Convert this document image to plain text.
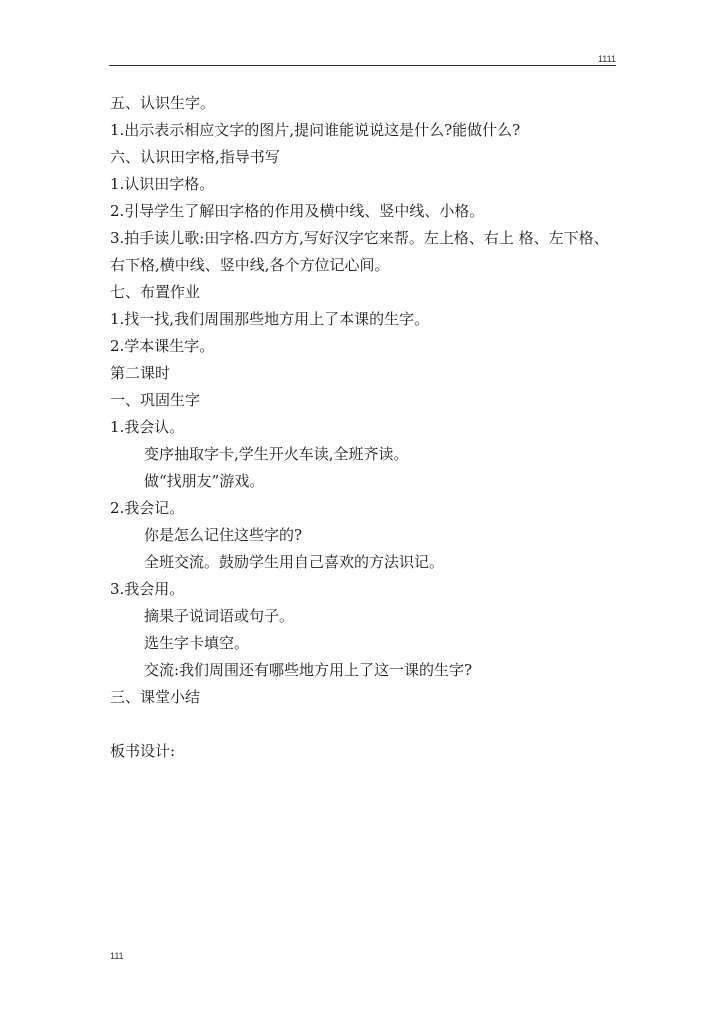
1111
五、认识生字。
1.出示表示相应文字的图片,提问谁能说说这是什么?能做什么?
六、认识田字格,指导书写
1.认识田字格。
2.引导学生了解田字格的作用及横中线、竖中线、小格。
3.拍手读儿歌:田字格.四方方,写好汉字它来帮。左上格、右上 格、左下格、右下格,横中线、竖中线,各个方位记心间。
七、布置作业
1.找一找,我们周围那些地方用上了本课的生字。
2.学本课生字。
第二课时
一、巩固生字
1.我会认。
变序抽取字卡,学生开火车读,全班齐读。
做“找朋友”游戏。
2.我会记。
你是怎么记住这些字的?
全班交流。鼓励学生用自己喜欢的方法识记。
3.我会用。
摘果子说词语或句子。
选生字卡填空。
交流:我们周围还有哪些地方用上了这一课的生字?
三、课堂小结
板书设计:
111
